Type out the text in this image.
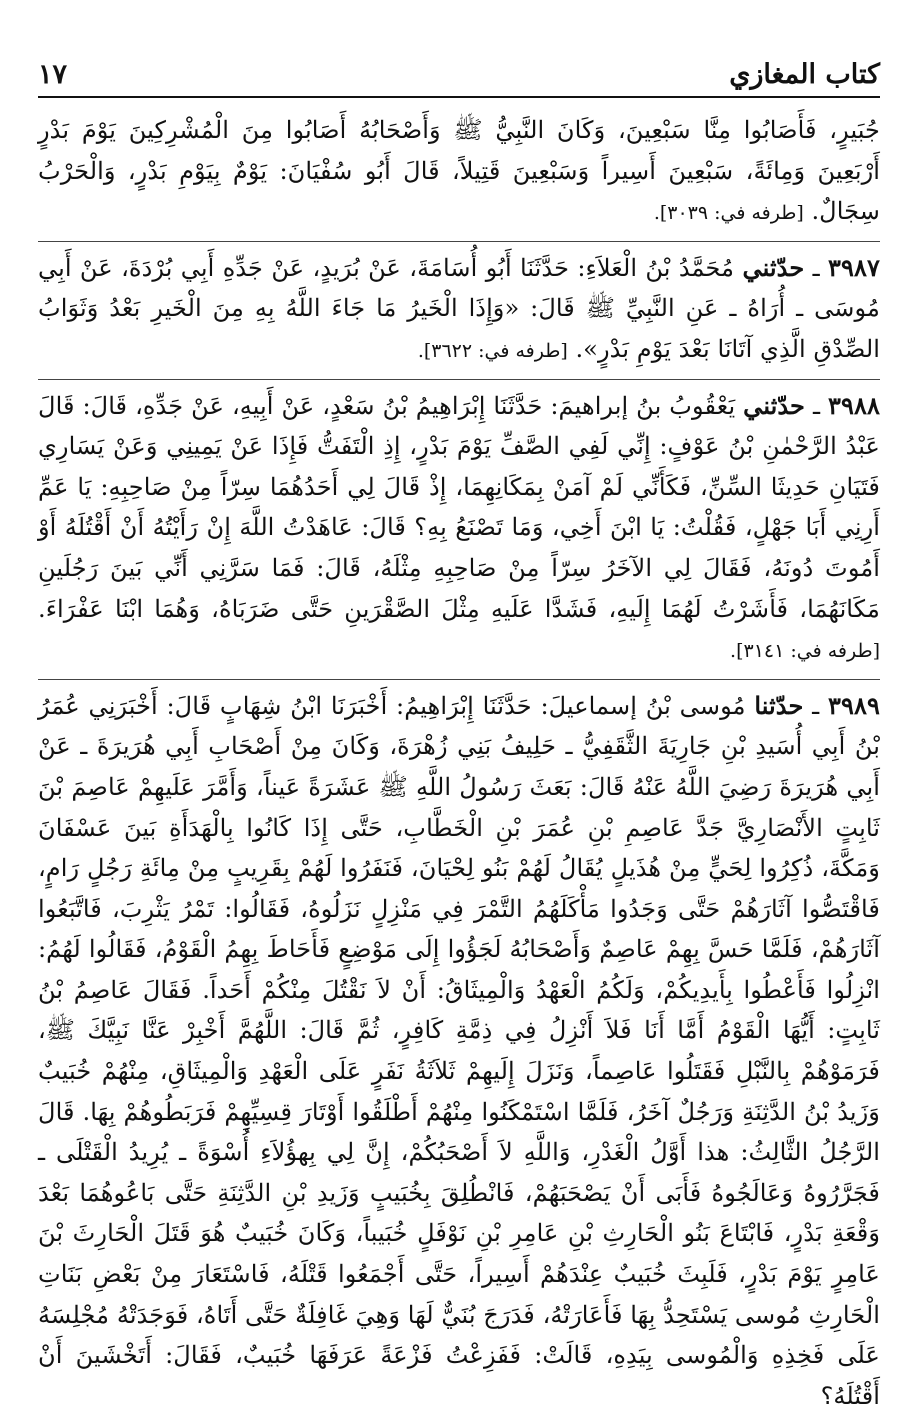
كتاب المغازي
١٧

جُبَيرٍ، فَأَصَابُوا مِنَّا سَبْعِينَ، وَكَانَ النَّبِيُّ ﷺ وَأَصْحَابُهُ أَصَابُوا مِنَ الْمُشْرِكِينَ يَوْمَ بَدْرٍ أَرْبَعِينَ وَمِائَةً، سَبْعِينَ أَسِيراً وَسَبْعِينَ قَتِيلاً، قَالَ أَبُو سُفْيَانَ: يَوْمٌ بِيَوْمِ بَدْرٍ، وَالْحَرْبُ سِجَالٌ. [طرفه في: ٣٠٣٩].

٣٩٨٧ ـ حدّثني مُحَمَّدُ بْنُ الْعَلاَءِ: حَدَّثَنَا أَبُو أُسَامَةَ، عَنْ بُرَيدٍ، عَنْ جَدِّهِ أَبِي بُرْدَةَ، عَنْ أَبِي مُوسَى ـ أُرَاهُ ـ عَنِ النَّبِيِّ ﷺ قَالَ: «وَإِذَا الْخَيرُ مَا جَاءَ اللَّهُ بِهِ مِنَ الْخَيرِ بَعْدُ وَثَوَابُ الصِّدْقِ الَّذِي آتَانَا بَعْدَ يَوْمِ بَدْرٍ». [طرفه في: ٣٦٢٢].

٣٩٨٨ ـ حدّثني يَعْقُوبُ بنُ إبراهيمَ: حَدَّثَنَا إِبْرَاهِيمُ بْنُ سَعْدٍ، عَنْ أَبِيهِ، عَنْ جَدِّهِ، قَالَ: قَالَ عَبْدُ الرَّحْمٰنِ بْنُ عَوْفٍ: إِنِّي لَفِي الصَّفِّ يَوْمَ بَدْرٍ، إِذِ الْتَفَتُّ فَإِذَا عَنْ يَمِينِي وَعَنْ يَسَارِي فَتَيَانِ حَدِيثَا السِّنِّ، فَكَأَنِّي لَمْ آمَنْ بِمَكَانِهِمَا، إِذْ قَالَ لِي أَحَدُهُمَا سِرّاً مِنْ صَاحِبِهِ: يَا عَمِّ أَرِنِي أَبَا جَهْلٍ، فَقُلْتُ: يَا ابْنَ أَخِي، وَمَا تَصْنَعُ بِهِ؟ قَالَ: عَاهَدْتُ اللَّهَ إِنْ رَأَيْتُهُ أَنْ أَقْتُلَهُ أَوْ أَمُوتَ دُونَهُ، فَقَالَ لِي الآخَرُ سِرّاً مِنْ صَاحِبِهِ مِثْلَهُ، قَالَ: فَمَا سَرَّنِي أَنِّي بَينَ رَجُلَينِ مَكَانَهُمَا، فَأَشَرْتُ لَهُمَا إِلَيهِ، فَشَدَّا عَلَيهِ مِثْلَ الصَّقْرَينِ حَتَّى ضَرَبَاهُ، وَهُمَا ابْنَا عَفْرَاءَ. [طرفه في: ٣١٤١].

٣٩٨٩ ـ حدّثنا مُوسى بْنُ إسماعيلَ: حَدَّثَنَا إِبْرَاهِيمُ: أَخْبَرَنَا ابْنُ شِهَابٍ قَالَ: أَخْبَرَنِي عُمَرُ بْنُ أَبِي أُسَيدِ بْنِ جَارِيَةَ الثَّقَفِيُّ ـ حَلِيفُ بَنِي زُهْرَةَ، وَكَانَ مِنْ أَصْحَابِ أَبِي هُرَيرَةَ ـ عَنْ أَبِي هُرَيرَةَ رَضِيَ اللَّهُ عَنْهُ قَالَ: بَعَثَ رَسُولُ اللَّهِ ﷺ عَشَرَةً عَيناً، وَأَمَّرَ عَلَيهِمْ عَاصِمَ بْنَ ثَابِتٍ الأَنْصَارِيَّ جَدَّ عَاصِمِ بْنِ عُمَرَ بْنِ الْخَطَّابِ، حَتَّى إِذَا كَانُوا بِالْهَدَأَةِ بَينَ عَسْفَانَ وَمَكَّةَ، ذُكِرُوا لِحَيٍّ مِنْ هُذَيلٍ يُقَالُ لَهُمْ بَنُو لِحْيَانَ، فَنَفَرُوا لَهُمْ بِقَرِيبٍ مِنْ مِائَةِ رَجُلٍ رَامٍ، فَاقْتَصُّوا آثَارَهُمْ حَتَّى وَجَدُوا مَأْكَلَهُمُ التَّمْرَ فِي مَنْزِلٍ نَزَلُوهُ، فَقَالُوا: تَمْرُ يَثْرِبَ، فَاتَّبَعُوا آثَارَهُمْ، فَلَمَّا حَسَّ بِهِمْ عَاصِمٌ وَأَصْحَابُهُ لَجَؤُوا إِلَى مَوْضِعٍ فَأَحَاطَ بِهِمُ الْقَوْمُ، فَقَالُوا لَهُمُ: انْزِلُوا فَأَعْطُوا بِأَيدِيكُمْ، وَلَكُمُ الْعَهْدُ وَالْمِيثَاقُ: أَنْ لاَ نَقْتُلَ مِنْكُمْ أَحَداً. فَقَالَ عَاصِمُ بْنُ ثَابِتٍ: أَيُّهَا الْقَوْمُ أَمَّا أَنَا فَلاَ أَنْزِلُ فِي ذِمَّةِ كَافِرٍ، ثُمَّ قَالَ: اللَّهُمَّ أَخْبِرْ عَنَّا نَبِيَّكَ ﷺ، فَرَمَوْهُمْ بِالنَّبْلِ فَقَتَلُوا عَاصِماً، وَنَزَلَ إِلَيهِمْ ثَلاَثَةُ نَفَرٍ عَلَى الْعَهْدِ وَالْمِيثَاقِ، مِنْهُمْ خُبَيبٌ وَزَيدُ بْنُ الدَّثِنَةِ وَرَجُلٌ آخَرُ، فَلَمَّا اسْتَمْكَنُوا مِنْهُمْ أَطْلَقُوا أَوْتَارَ قِسِيِّهِمْ فَرَبَطُوهُمْ بِهَا. قَالَ الرَّجُلُ الثَّالِثُ: هذا أَوَّلُ الْغَدْرِ، وَاللَّهِ لاَ أَصْحَبُكُمْ، إِنَّ لِي بِهؤُلاَءِ أُسْوَةً ـ يُرِيدُ الْقَتْلَى ـ فَجَرَّرُوهُ وَعَالَجُوهُ فَأَبَى أَنْ يَصْحَبَهُمْ، فَانْطُلِقَ بِخُبَيبٍ وَزَيدِ بْنِ الدَّثِنَةِ حَتَّى بَاعُوهُمَا بَعْدَ وَقْعَةِ بَدْرٍ، فَابْتَاعَ بَنُو الْحَارِثِ بْنِ عَامِرِ بْنِ نَوْفَلٍ خُبَيباً، وَكَانَ خُبَيبٌ هُوَ قَتَلَ الْحَارِثَ بْنَ عَامِرٍ يَوْمَ بَدْرٍ، فَلَبِثَ خُبَيبٌ عِنْدَهُمْ أَسِيراً، حَتَّى أَجْمَعُوا قَتْلَهُ، فَاسْتَعَارَ مِنْ بَعْضِ بَنَاتِ الْحَارِثِ مُوسى يَسْتَحِدُّ بِهَا فَأَعَارَتْهُ، فَدَرَجَ بُنَيٌّ لَهَا وَهِيَ غَافِلَةٌ حَتَّى أَتَاهُ، فَوَجَدَتْهُ مُجْلِسَهُ عَلَى فَخِذِهِ وَالْمُوسى بِيَدِهِ، قَالَتْ: فَفَزِعْتُ فَزْعَةً عَرَفَهَا خُبَيبٌ، فَقَالَ: أَتَخْشَينَ أَنْ أَقْتُلَهُ؟
